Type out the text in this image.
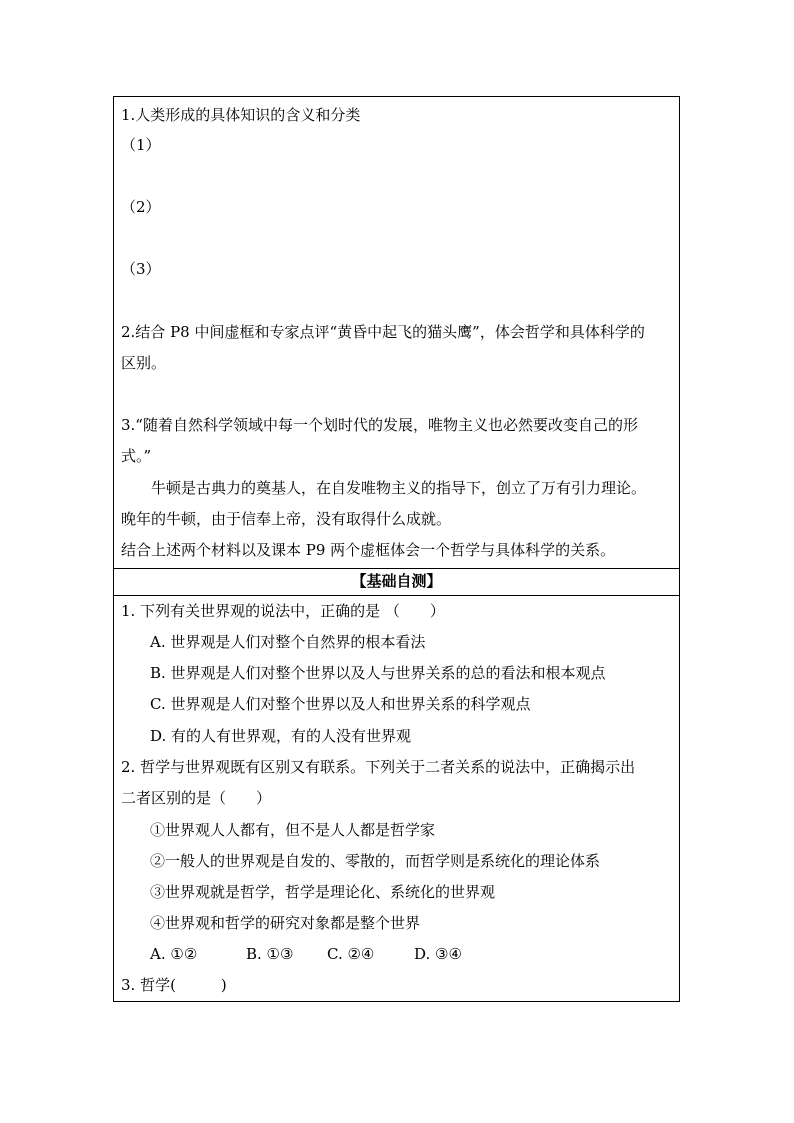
1.人类形成的具体知识的含义和分类
（1）
（2）
（3）
2.结合 P8 中间虚框和专家点评“黄昏中起飞的猫头鹰”，体会哲学和具体科学的
区别。
3.“随着自然科学领域中每一个划时代的发展，唯物主义也必然要改变自己的形
式。”
牛顿是古典力的奠基人，在自发唯物主义的指导下，创立了万有引力理论。
晚年的牛顿，由于信奉上帝，没有取得什么成就。
结合上述两个材料以及课本 P9 两个虚框体会一个哲学与具体科学的关系。
【基础自测】
1. 下列有关世界观的说法中，正确的是 （　　）
A. 世界观是人们对整个自然界的根本看法
B. 世界观是人们对整个世界以及人与世界关系的总的看法和根本观点
C. 世界观是人们对整个世界以及人和世界关系的科学观点
D. 有的人有世界观，有的人没有世界观
2. 哲学与世界观既有区别又有联系。下列关于二者关系的说法中，正确揭示出
二者区别的是（　　）
①世界观人人都有，但不是人人都是哲学家
②一般人的世界观是自发的、零散的，而哲学则是系统化的理论体系
③世界观就是哲学，哲学是理论化、系统化的世界观
④世界观和哲学的研究对象都是整个世界
A. ①②	B. ①③ C. ②④	D. ③④
3. 哲学(　　　)
